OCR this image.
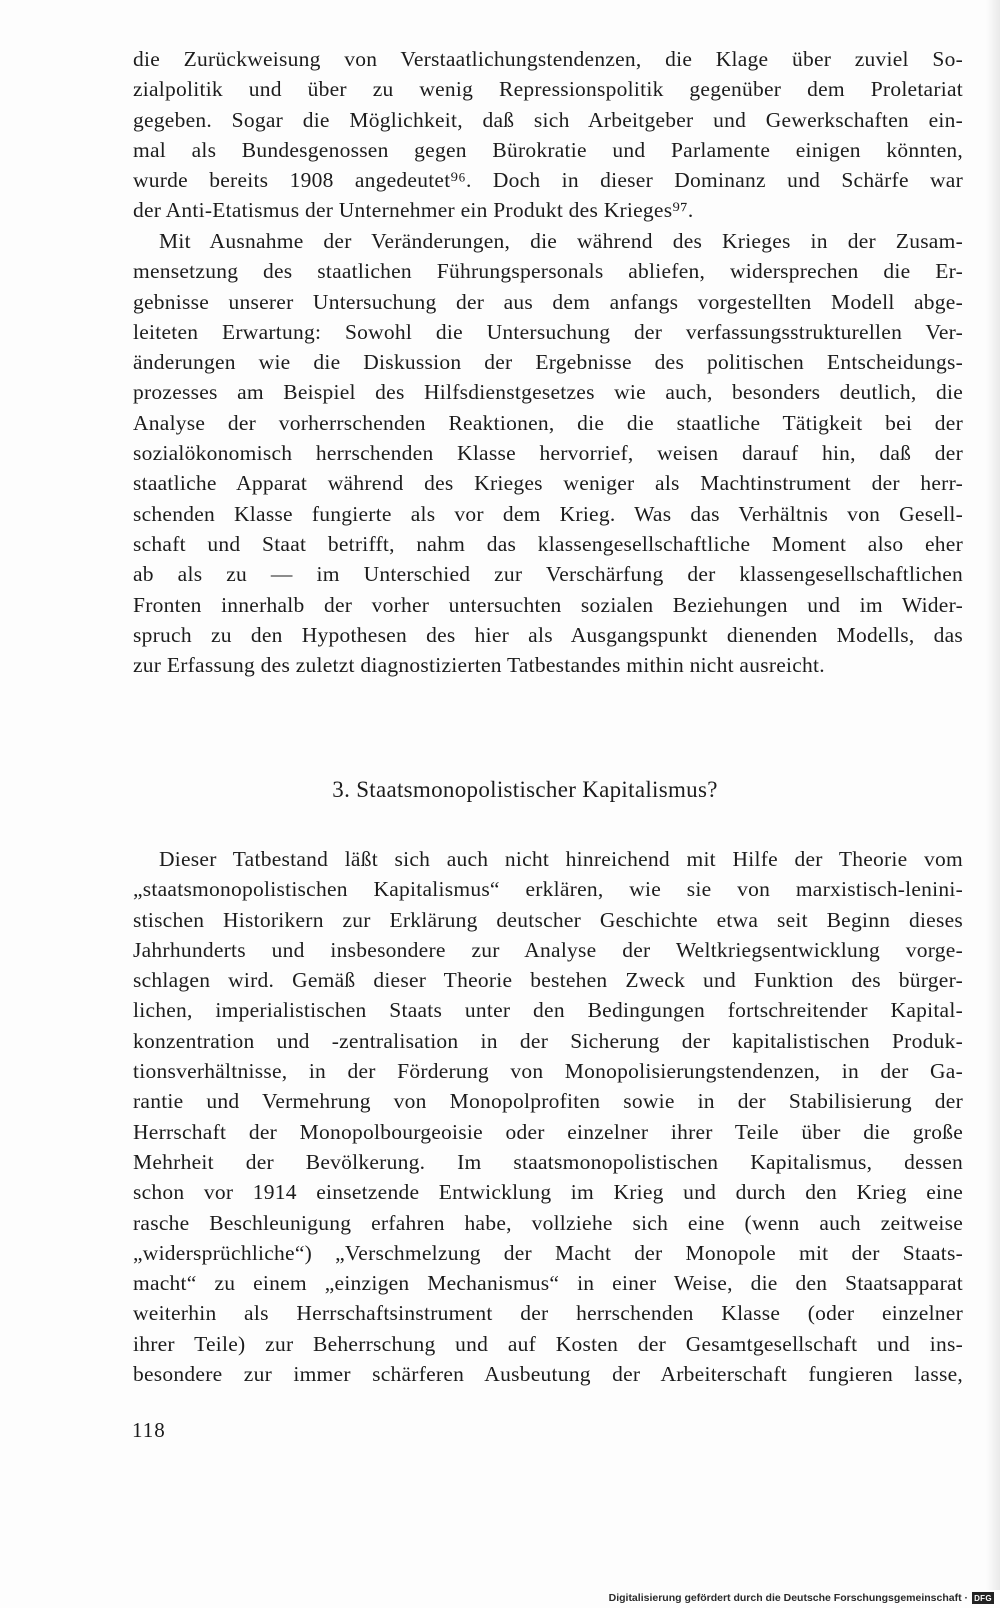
die Zurückweisung von Verstaatlichungstendenzen, die Klage über zuviel So-
zialpolitik und über zu wenig Repressionspolitik gegenüber dem Proletariat
gegeben. Sogar die Möglichkeit, daß sich Arbeitgeber und Gewerkschaften ein-
mal als Bundesgenossen gegen Bürokratie und Parlamente einigen könnten,
wurde bereits 1908 angedeutet⁹⁶. Doch in dieser Dominanz und Schärfe war
der Anti-Etatismus der Unternehmer ein Produkt des Krieges⁹⁷.
Mit Ausnahme der Veränderungen, die während des Krieges in der Zusam-
mensetzung des staatlichen Führungspersonals abliefen, widersprechen die Er-
gebnisse unserer Untersuchung der aus dem anfangs vorgestellten Modell abge-
leiteten Erwartung: Sowohl die Untersuchung der verfassungsstrukturellen Ver-
änderungen wie die Diskussion der Ergebnisse des politischen Entscheidungs-
prozesses am Beispiel des Hilfsdienstgesetzes wie auch, besonders deutlich, die
Analyse der vorherrschenden Reaktionen, die die staatliche Tätigkeit bei der
sozialökonomisch herrschenden Klasse hervorrief, weisen darauf hin, daß der
staatliche Apparat während des Krieges weniger als Machtinstrument der herr-
schenden Klasse fungierte als vor dem Krieg. Was das Verhältnis von Gesell-
schaft und Staat betrifft, nahm das klassengesellschaftliche Moment also eher
ab als zu — im Unterschied zur Verschärfung der klassengesellschaftlichen
Fronten innerhalb der vorher untersuchten sozialen Beziehungen und im Wider-
spruch zu den Hypothesen des hier als Ausgangspunkt dienenden Modells, das
zur Erfassung des zuletzt diagnostizierten Tatbestandes mithin nicht ausreicht.
3. Staatsmonopolistischer Kapitalismus?
Dieser Tatbestand läßt sich auch nicht hinreichend mit Hilfe der Theorie vom
„staatsmonopolistischen Kapitalismus“ erklären, wie sie von marxistisch-lenini-
stischen Historikern zur Erklärung deutscher Geschichte etwa seit Beginn dieses
Jahrhunderts und insbesondere zur Analyse der Weltkriegsentwicklung vorge-
schlagen wird. Gemäß dieser Theorie bestehen Zweck und Funktion des bürger-
lichen, imperialistischen Staats unter den Bedingungen fortschreitender Kapital-
konzentration und -zentralisation in der Sicherung der kapitalistischen Produk-
tionsverhältnisse, in der Förderung von Monopolisierungstendenzen, in der Ga-
rantie und Vermehrung von Monopolprofiten sowie in der Stabilisierung der
Herrschaft der Monopolbourgeoisie oder einzelner ihrer Teile über die große
Mehrheit der Bevölkerung. Im staatsmonopolistischen Kapitalismus, dessen
schon vor 1914 einsetzende Entwicklung im Krieg und durch den Krieg eine
rasche Beschleunigung erfahren habe, vollziehe sich eine (wenn auch zeitweise
„widersprüchliche“) „Verschmelzung der Macht der Monopole mit der Staats-
macht“ zu einem „einzigen Mechanismus“ in einer Weise, die den Staatsapparat
weiterhin als Herrschaftsinstrument der herrschenden Klasse (oder einzelner
ihrer Teile) zur Beherrschung und auf Kosten der Gesamtgesellschaft und ins-
besondere zur immer schärferen Ausbeutung der Arbeiterschaft fungieren lasse,
118
Digitalisierung gefördert durch die Deutsche Forschungsgemeinschaft · DFG
